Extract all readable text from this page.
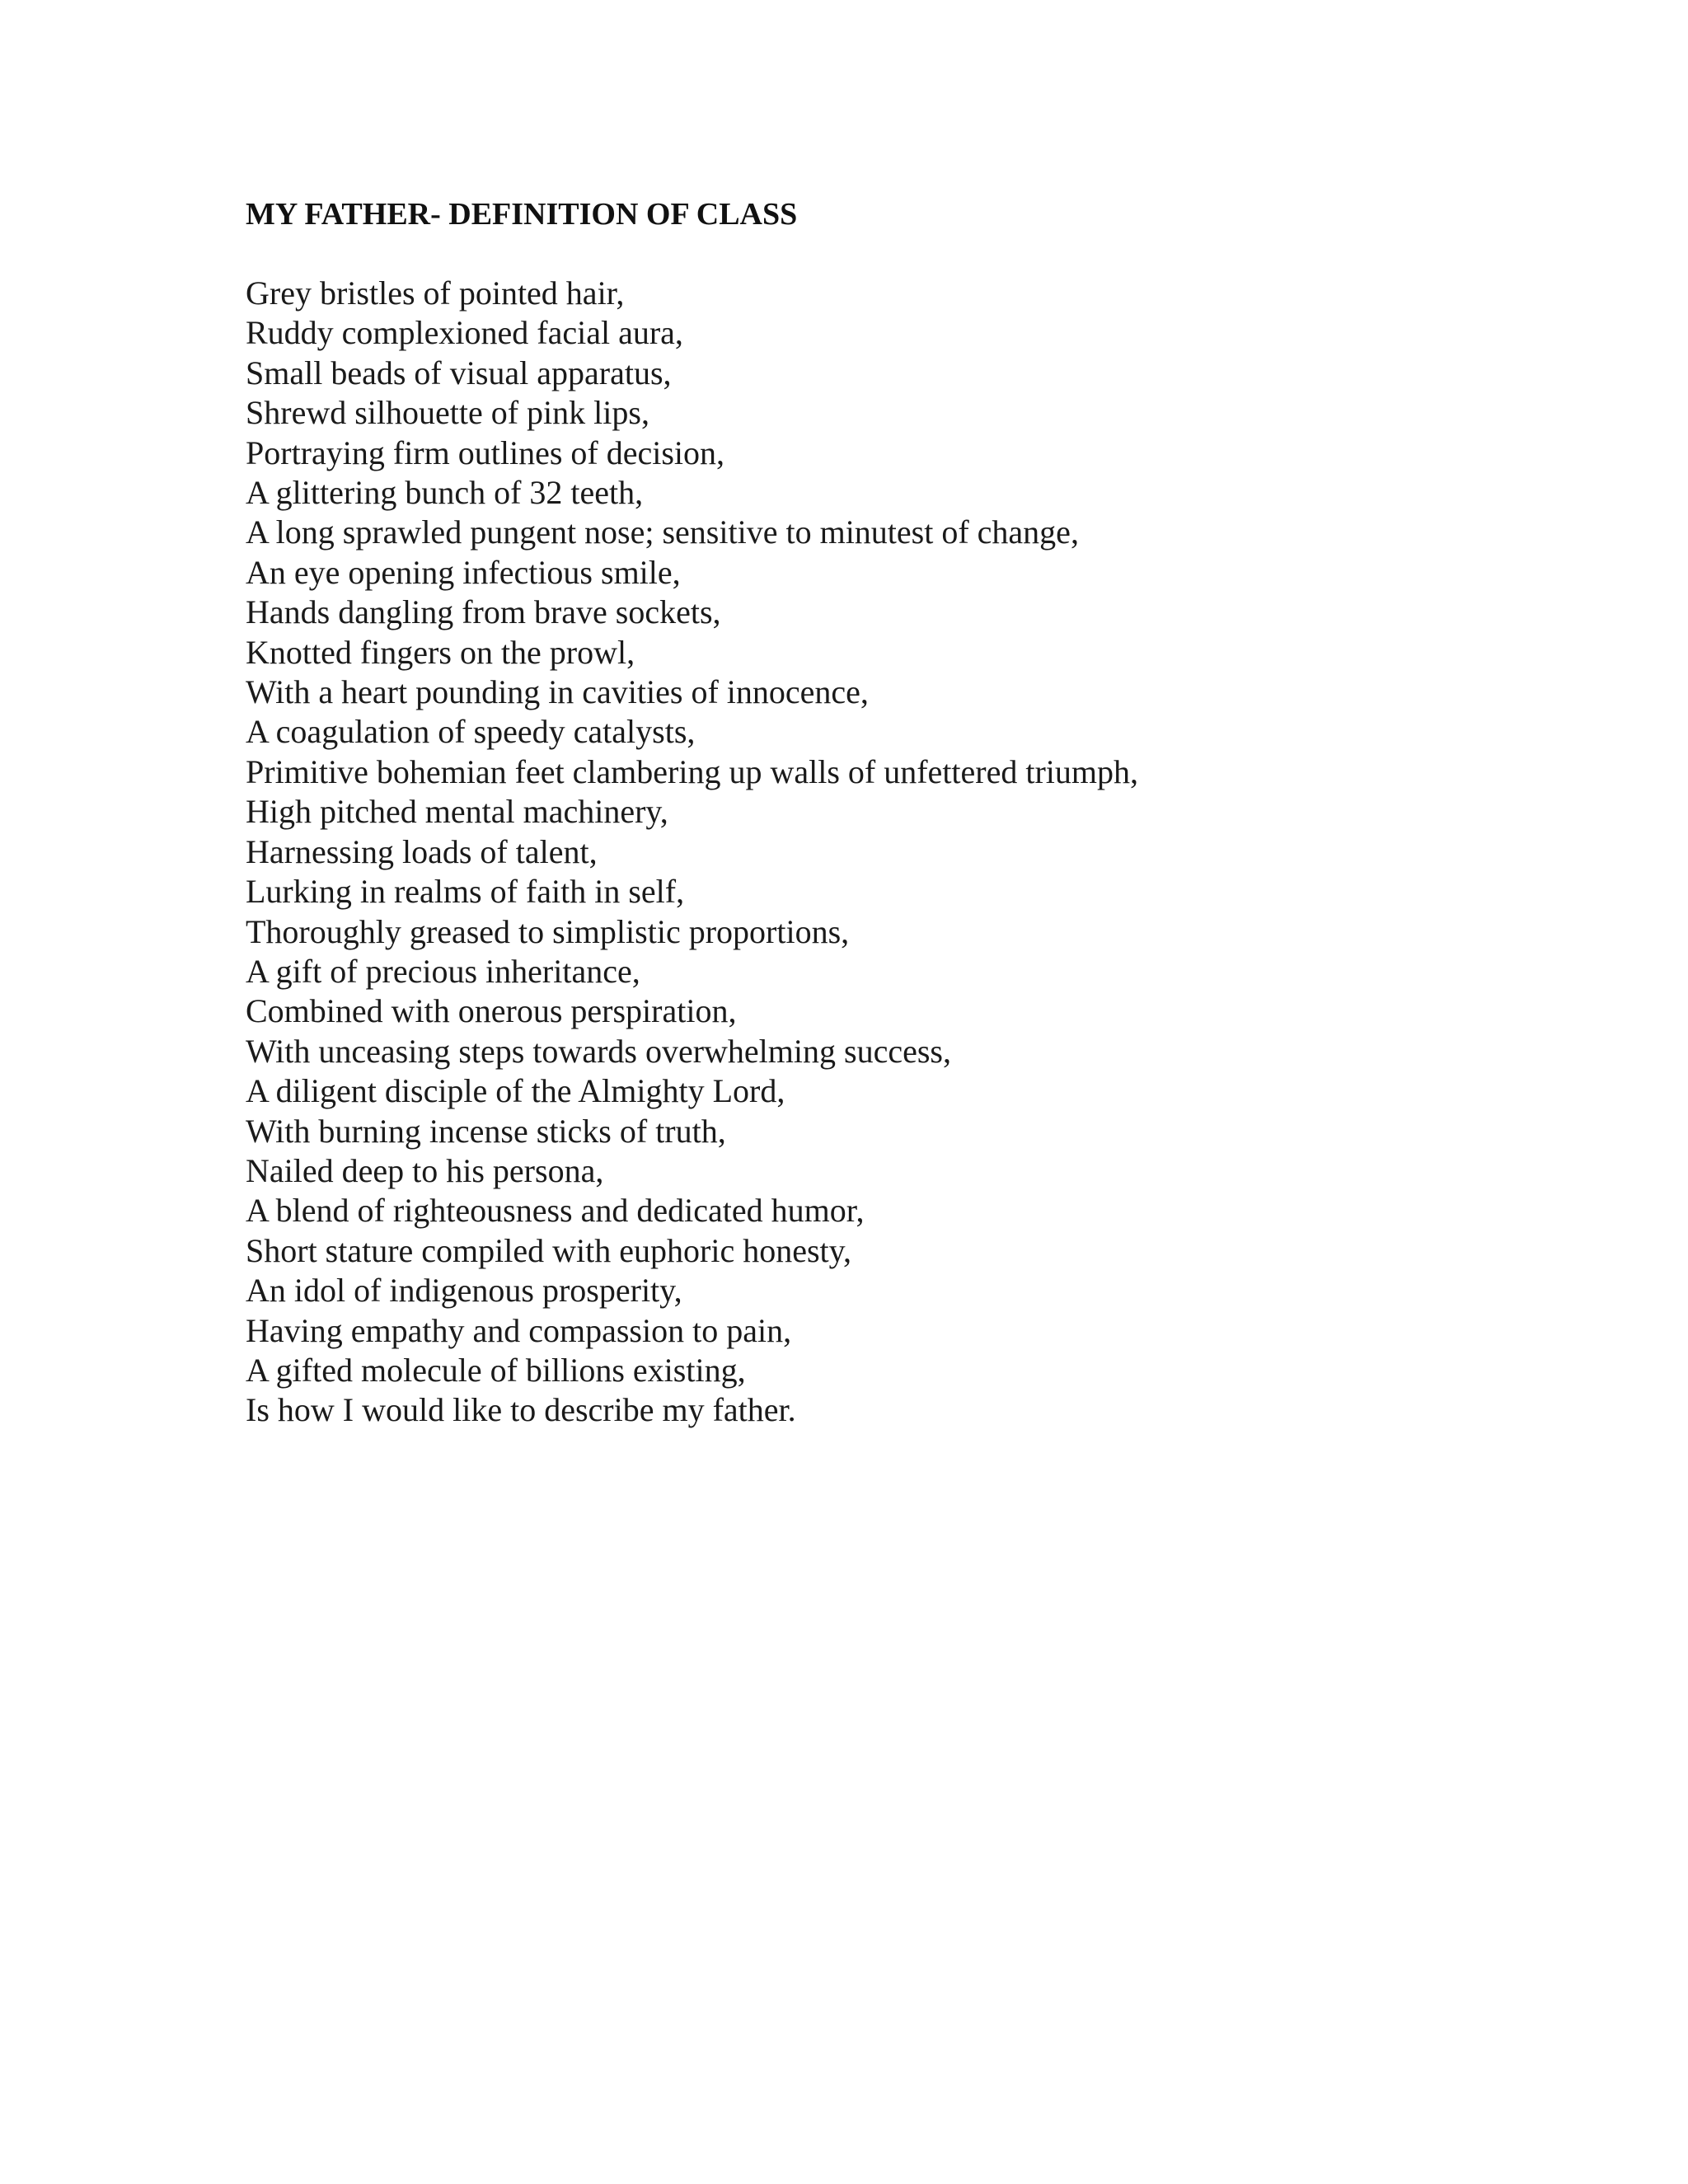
MY FATHER- DEFINITION OF CLASS
Grey bristles of pointed hair,
Ruddy complexioned facial aura,
Small beads of visual apparatus,
Shrewd silhouette of pink lips,
Portraying firm outlines of decision,
A glittering bunch of 32 teeth,
A long sprawled pungent nose; sensitive to minutest of change,
An eye opening infectious smile,
Hands dangling from brave sockets,
Knotted fingers on the prowl,
With a heart pounding in cavities of innocence,
A coagulation of speedy catalysts,
Primitive bohemian feet clambering up walls of unfettered triumph,
High pitched mental machinery,
Harnessing loads of talent,
Lurking in realms of faith in self,
Thoroughly greased to simplistic proportions,
A gift of precious inheritance,
Combined with onerous perspiration,
With unceasing steps towards overwhelming success,
A diligent disciple of the Almighty Lord,
With burning incense sticks of truth,
Nailed deep to his persona,
A blend of righteousness and dedicated humor,
Short stature compiled with euphoric honesty,
An idol of indigenous prosperity,
Having empathy and compassion to pain,
A gifted molecule of billions existing,
Is how I would like to describe my father.
